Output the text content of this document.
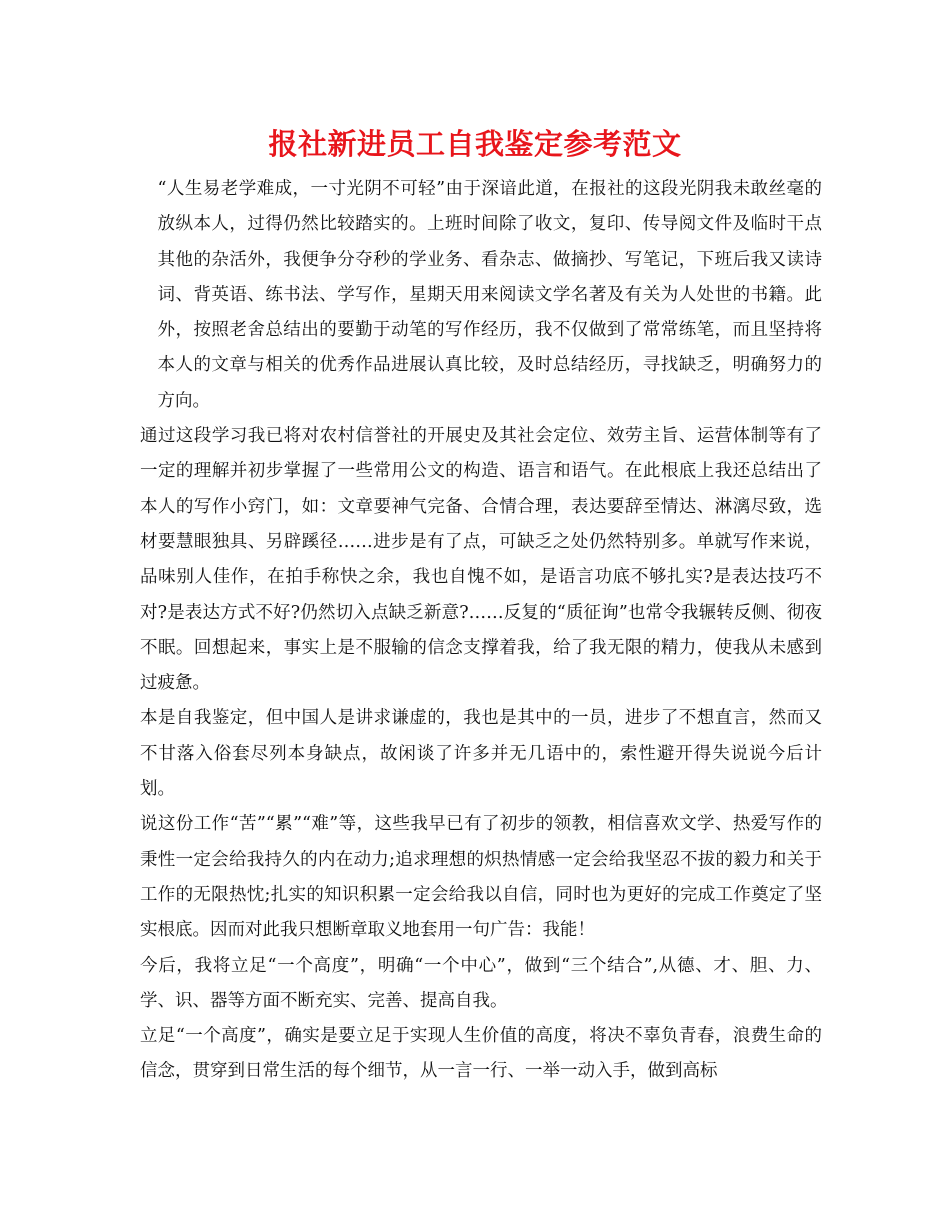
报社新进员工自我鉴定参考范文

“人生易老学难成，一寸光阴不可轻”由于深谙此道，在报社的这段光阴我未敢丝毫的放纵本人，过得仍然比较踏实的。上班时间除了收文，复印、传导阅文件及临时干点其他的杂活外，我便争分夺秒的学业务、看杂志、做摘抄、写笔记，下班后我又读诗词、背英语、练书法、学写作，星期天用来阅读文学名著及有关为人处世的书籍。此外，按照老舍总结出的要勤于动笔的写作经历，我不仅做到了常常练笔，而且坚持将本人的文章与相关的优秀作品进展认真比较，及时总结经历，寻找缺乏，明确努力的方向。

通过这段学习我已将对农村信誉社的开展史及其社会定位、效劳主旨、运营体制等有了一定的理解并初步掌握了一些常用公文的构造、语言和语气。在此根底上我还总结出了本人的写作小窍门，如：文章要神气完备、合情合理，表达要辞至情达、淋漓尽致，选材要慧眼独具、另辟蹊径……进步是有了点，可缺乏之处仍然特别多。单就写作来说，品味别人佳作，在拍手称快之余，我也自愧不如，是语言功底不够扎实?是表达技巧不对?是表达方式不好?仍然切入点缺乏新意?……反复的“质征询”也常令我辗转反侧、彻夜不眠。回想起来，事实上是不服输的信念支撑着我，给了我无限的精力，使我从未感到过疲惫。

本是自我鉴定，但中国人是讲求谦虚的，我也是其中的一员，进步了不想直言，然而又不甘落入俗套尽列本身缺点，故闲谈了许多并无几语中的，索性避开得失说说今后计划。

说这份工作“苦”“累”“难”等，这些我早已有了初步的领教，相信喜欢文学、热爱写作的秉性一定会给我持久的内在动力;追求理想的炽热情感一定会给我坚忍不拔的毅力和关于工作的无限热忱;扎实的知识积累一定会给我以自信，同时也为更好的完成工作奠定了坚实根底。因而对此我只想断章取义地套用一句广告：我能！

今后，我将立足“一个高度”，明确“一个中心”，做到“三个结合”,从德、才、胆、力、学、识、器等方面不断充实、完善、提高自我。

立足“一个高度”，确实是要立足于实现人生价值的高度，将决不辜负青春，浪费生命的信念，贯穿到日常生活的每个细节，从一言一行、一举一动入手，做到高标
